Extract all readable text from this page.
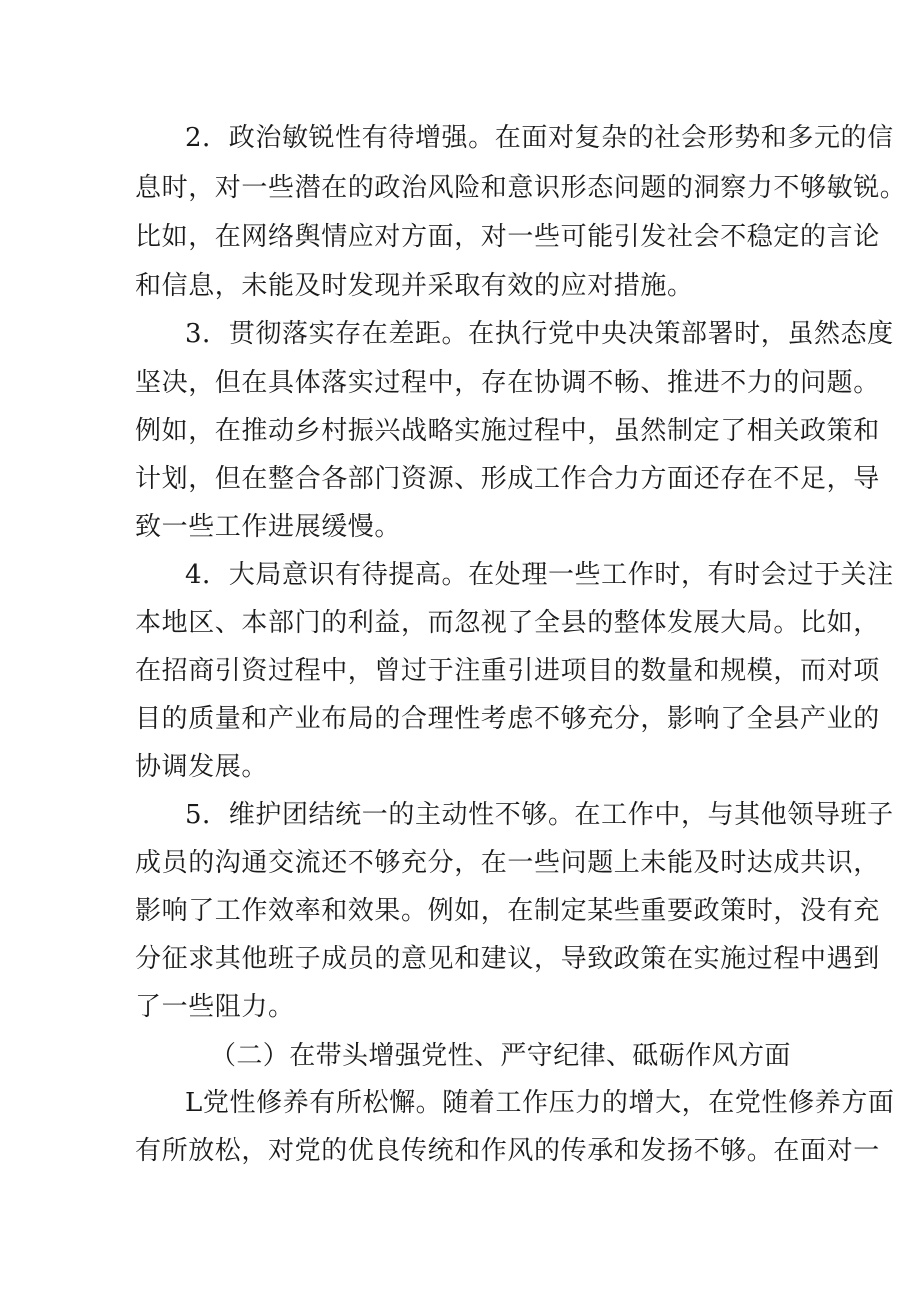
2．政治敏锐性有待增强。在面对复杂的社会形势和多元的信
息时，对一些潜在的政治风险和意识形态问题的洞察力不够敏锐。
比如，在网络舆情应对方面，对一些可能引发社会不稳定的言论
和信息，未能及时发现并采取有效的应对措施。
3．贯彻落实存在差距。在执行党中央决策部署时，虽然态度
坚决，但在具体落实过程中，存在协调不畅、推进不力的问题。
例如，在推动乡村振兴战略实施过程中，虽然制定了相关政策和
计划，但在整合各部门资源、形成工作合力方面还存在不足，导
致一些工作进展缓慢。
4．大局意识有待提高。在处理一些工作时，有时会过于关注
本地区、本部门的利益，而忽视了全县的整体发展大局。比如，
在招商引资过程中，曾过于注重引进项目的数量和规模，而对项
目的质量和产业布局的合理性考虑不够充分，影响了全县产业的
协调发展。
5．维护团结统一的主动性不够。在工作中，与其他领导班子
成员的沟通交流还不够充分，在一些问题上未能及时达成共识，
影响了工作效率和效果。例如，在制定某些重要政策时，没有充
分征求其他班子成员的意见和建议，导致政策在实施过程中遇到
了一些阻力。
（二）在带头增强党性、严守纪律、砥砺作风方面
L党性修养有所松懈。随着工作压力的增大，在党性修养方面
有所放松，对党的优良传统和作风的传承和发扬不够。在面对一
